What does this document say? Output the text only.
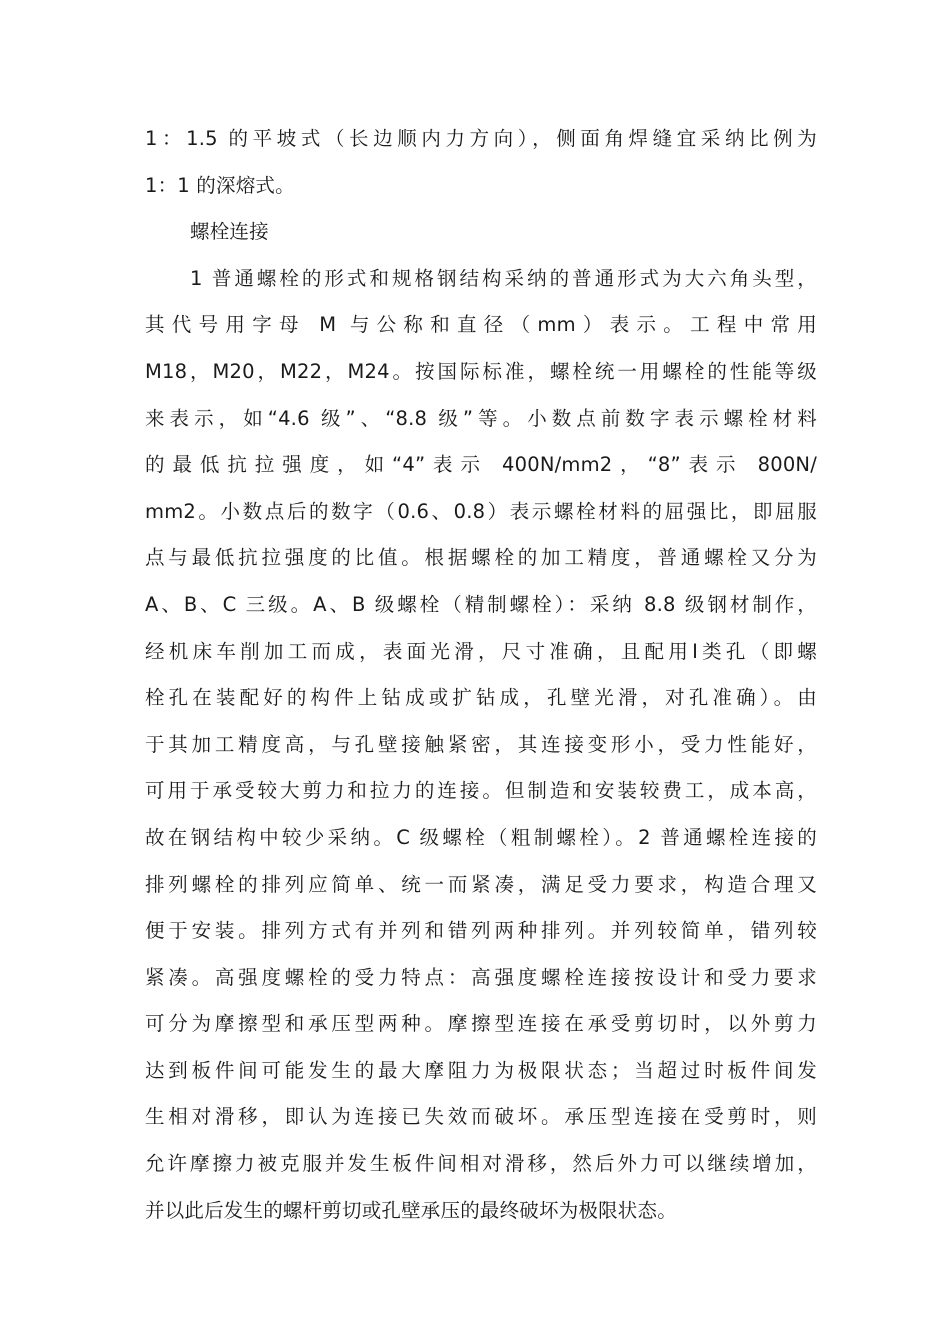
1：1.5 的平坡式（长边顺内力方向），侧面角焊缝宜采纳比例为
1：1 的深熔式。
螺栓连接
1 普通螺栓的形式和规格钢结构采纳的普通形式为大六角头型，
其代号用字母 M 与公称和直径（mm）表示。工程中常用
M18，M20，M22，M24。按国际标准，螺栓统一用螺栓的性能等级
来表示，如“4.6 级”、“8.8 级”等。小数点前数字表示螺栓材料
的最低抗拉强度，如“4”表示 400N/mm2，“8”表示 800N/
mm2。小数点后的数字（0.6、0.8）表示螺栓材料的屈强比，即屈服
点与最低抗拉强度的比值。根据螺栓的加工精度，普通螺栓又分为
A、B、C 三级。A、B 级螺栓（精制螺栓）：采纳 8.8 级钢材制作，
经机床车削加工而成，表面光滑，尺寸准确，且配用Ⅰ类孔（即螺
栓孔在装配好的构件上钻成或扩钻成，孔壁光滑，对孔准确）。由
于其加工精度高，与孔壁接触紧密，其连接变形小，受力性能好，
可用于承受较大剪力和拉力的连接。但制造和安装较费工，成本高，
故在钢结构中较少采纳。C 级螺栓（粗制螺栓）。2 普通螺栓连接的
排列螺栓的排列应简单、统一而紧凑，满足受力要求，构造合理又
便于安装。排列方式有并列和错列两种排列。并列较简单，错列较
紧凑。高强度螺栓的受力特点：高强度螺栓连接按设计和受力要求
可分为摩擦型和承压型两种。摩擦型连接在承受剪切时，以外剪力
达到板件间可能发生的最大摩阻力为极限状态；当超过时板件间发
生相对滑移，即认为连接已失效而破坏。承压型连接在受剪时，则
允许摩擦力被克服并发生板件间相对滑移，然后外力可以继续增加，
并以此后发生的螺杆剪切或孔壁承压的最终破坏为极限状态。
